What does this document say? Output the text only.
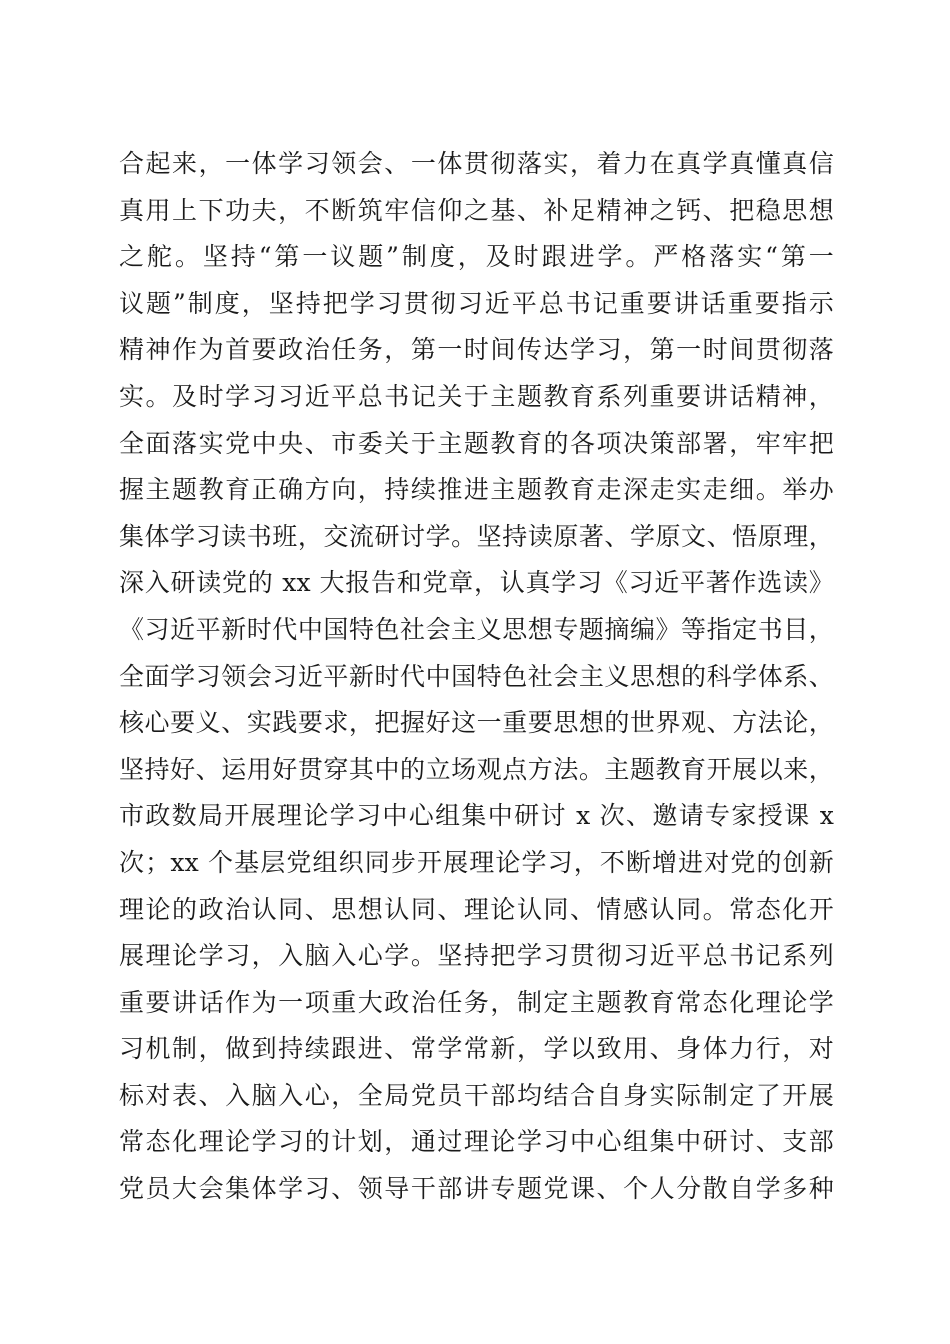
合起来，一体学习领会、一体贯彻落实，着力在真学真懂真信
真用上下功夫，不断筑牢信仰之基、补足精神之钙、把稳思想
之舵。坚持“第一议题”制度，及时跟进学。严格落实“第一
议题”制度，坚持把学习贯彻习近平总书记重要讲话重要指示
精神作为首要政治任务，第一时间传达学习，第一时间贯彻落
实。及时学习习近平总书记关于主题教育系列重要讲话精神，
全面落实党中央、市委关于主题教育的各项决策部署，牢牢把
握主题教育正确方向，持续推进主题教育走深走实走细。举办
集体学习读书班，交流研讨学。坚持读原著、学原文、悟原理，
深入研读党的 xx 大报告和党章，认真学习《习近平著作选读》
《习近平新时代中国特色社会主义思想专题摘编》等指定书目，
全面学习领会习近平新时代中国特色社会主义思想的科学体系、
核心要义、实践要求，把握好这一重要思想的世界观、方法论，
坚持好、运用好贯穿其中的立场观点方法。主题教育开展以来，
市政数局开展理论学习中心组集中研讨 x 次、邀请专家授课 x
次；xx 个基层党组织同步开展理论学习，不断增进对党的创新
理论的政治认同、思想认同、理论认同、情感认同。常态化开
展理论学习，入脑入心学。坚持把学习贯彻习近平总书记系列
重要讲话作为一项重大政治任务，制定主题教育常态化理论学
习机制，做到持续跟进、常学常新，学以致用、身体力行，对
标对表、入脑入心，全局党员干部均结合自身实际制定了开展
常态化理论学习的计划，通过理论学习中心组集中研讨、支部
党员大会集体学习、领导干部讲专题党课、个人分散自学多种
